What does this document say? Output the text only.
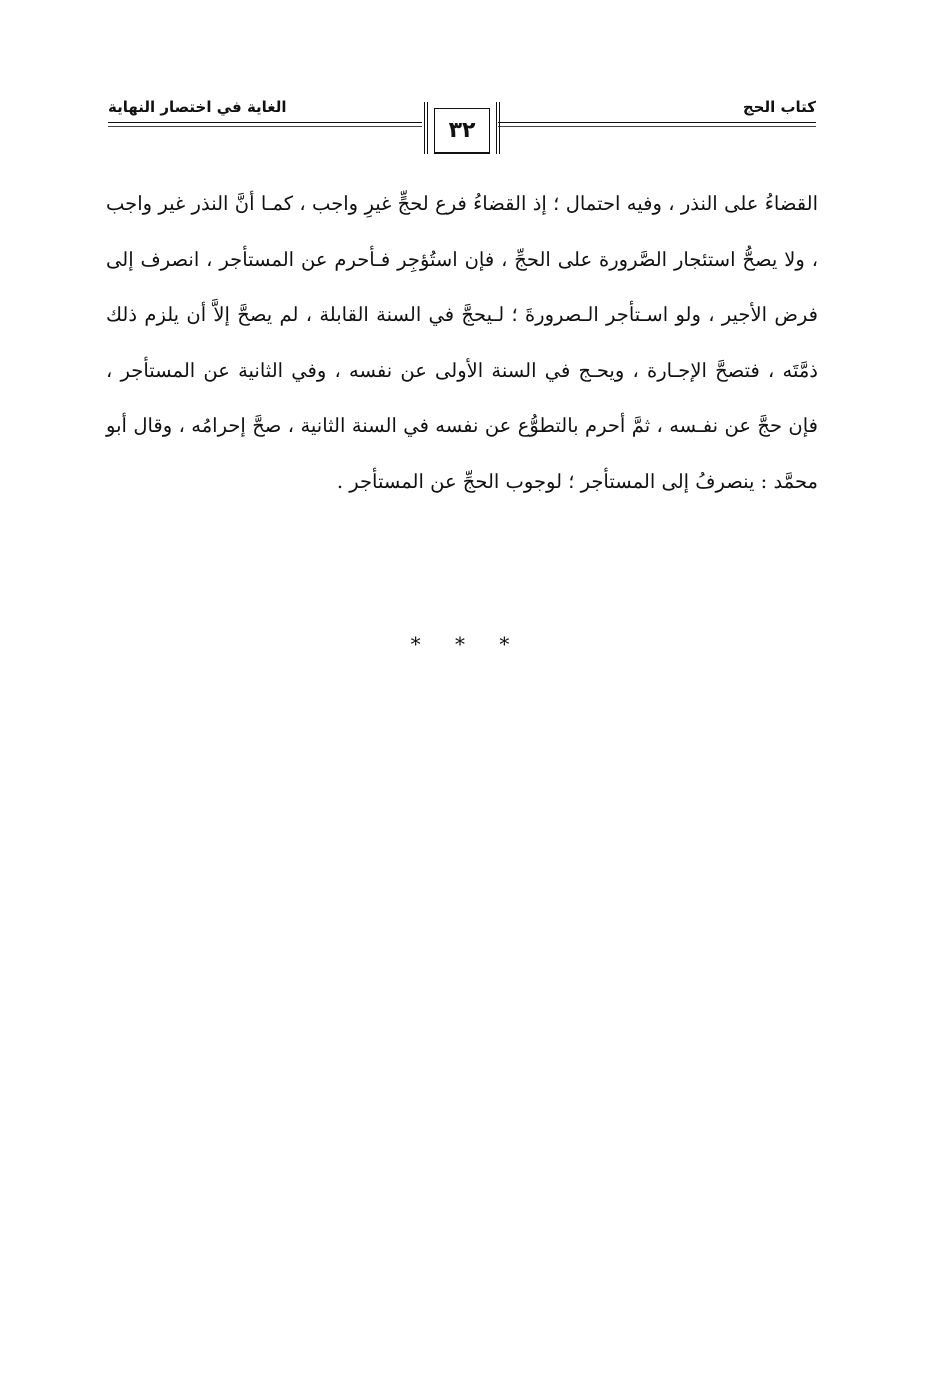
كتاب الحج
الغاية في اختصار النهاية
٣٢

القضاءُ على النذر ، وفيه احتمال ؛ إذ القضاءُ فرع لحجٍّ غيرِ واجب ، كمـا أنَّ النذر غير واجب ، ولا يصحُّ استئجار الصَّرورة على الحجِّ ، فإن استُؤجِر فـأحرم عن المستأجر ، انصرف إلى فرض الأجير ، ولو اسـتأجر الـصرورةَ ؛ لـيحجَّ في السنة القابلة ، لم يصحَّ إلاَّ أن يلزم ذلك ذمَّتَه ، فتصحَّ الإجـارة ، ويحـج في السنة الأولى عن نفسه ، وفي الثانية عن المستأجر ، فإن حجَّ عن نفـسه ، ثمَّ أحرم بالتطوُّع عن نفسه في السنة الثانية ، صحَّ إحرامُه ، وقال أبو محمَّد : ينصرفُ إلى المستأجر ؛ لوجوب الحجِّ عن المستأجر .

* * *
